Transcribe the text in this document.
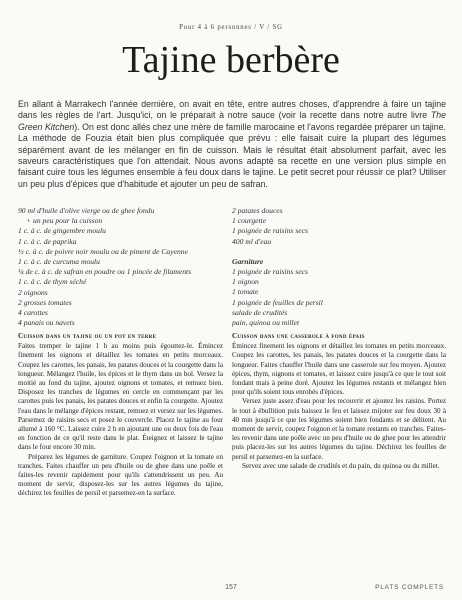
Pour 4 à 6 personnes / V / SG
Tajine berbère
En allant à Marrakech l'année dernière, on avait en tête, entre autres choses, d'apprendre à faire un tajine dans les règles de l'art. Jusqu'ici, on le préparait à notre sauce (voir la recette dans notre autre livre The Green Kitchen). On est donc allés chez une mère de famille marocaine et l'avons regardée préparer un tajine. La méthode de Fouzia était bien plus compliquée que prévu : elle faisait cuire la plupart des légumes séparément avant de les mélanger en fin de cuisson. Mais le résultat était absolument parfait, avec les saveurs caractéristiques que l'on attendait. Nous avons adapté sa recette en une version plus simple en faisant cuire tous les légumes ensemble à feu doux dans le tajine. Le petit secret pour réussir ce plat? Utiliser un peu plus d'épices que d'habitude et ajouter un peu de safran.
90 ml d'huile d'olive vierge ou de ghee fondu
+ un peu pour la cuisson
1 c. à c. de gingembre moulu
1 c. à c. de paprika
½ c. à c. de poivre noir moulu ou de piment de Cayenne
1 c. à c. de curcuma moulu
¼ de c. à c. de safran en poudre ou 1 pincée de filaments
1 c. à c. de thym séché
2 oignons
2 grosses tomates
4 carottes
4 panais ou navets
2 patates douces
1 courgette
1 poignée de raisins secs
400 ml d'eau
Garniture
1 poignée de raisins secs
1 oignon
1 tomate
1 poignée de feuilles de persil
salade de crudités
pain, quinoa ou millet
Cuisson dans un tajine ou un pot en terre

Faites tremper le tajine 1 h au moins puis égouttez-le. Émincez finement les oignons et détaillez les tomates en petits morceaux. Coupez les carottes, les panais, les patates douces et la courgette dans la longueur. Mélangez l'huile, les épices et le thym dans un bol. Versez la moitié au fond du tajine, ajoutez oignons et tomates, et remuez bien. Disposez les tranches de légumes en cercle en commençant par les carottes puis les panais, les patates douces et enfin la courgette. Ajoutez l'eau dans le mélange d'épices restant, remuez et versez sur les légumes. Parsemez de raisins secs et posez le couvercle. Placez le tajine au four allumé à 160 °C. Laissez cuire 2 h en ajoutant une ou deux fois de l'eau en fonction de ce qu'il reste dans le plat. Éteignez et laissez le tajine dans le four encore 30 min.

Préparez les légumes de garniture. Coupez l'oignon et la tomate en tranches. Faites chauffer un peu d'huile ou de ghee dans une poêle et faites-les revenir rapidement pour qu'ils s'attendrissent un peu. Au moment de servir, disposez-les sur les autres légumes du tajine, déchirez les feuilles de persil et parsemez-en la surface.

Cuisson dans une casserole à fond épais

Émincez finement les oignons et détaillez les tomates en petits morceaux. Coupez les carottes, les panais, les patates douces et la courgette dans la longueur. Faites chauffer l'huile dans une casserole sur feu moyen. Ajoutez épices, thym, oignons et tomates, et laissez cuire jusqu'à ce que le tout soit fondant mais à peine doré. Ajoutez les légumes restants et mélangez bien pour qu'ils soient tous enrobés d'épices.

Versez juste assez d'eau pour les recouvrir et ajoutez les raisins. Portez le tout à ébullition puis baissez le feu et laissez mijoter sur feu doux 30 à 40 min jusqu'à ce que les légumes soient bien fondants et se délitent. Au moment de servir, coupez l'oignon et la tomate restants en tranches. Faites-les revenir dans une poêle avec un peu d'huile ou de ghee pour les attendrir puis placez-les sur les autres légumes du tajine. Déchirez les feuilles de persil et parsemez-en la surface.

Servez avec une salade de crudités et du pain, du quinoa ou du millet.

157	PLATS COMPLETS
